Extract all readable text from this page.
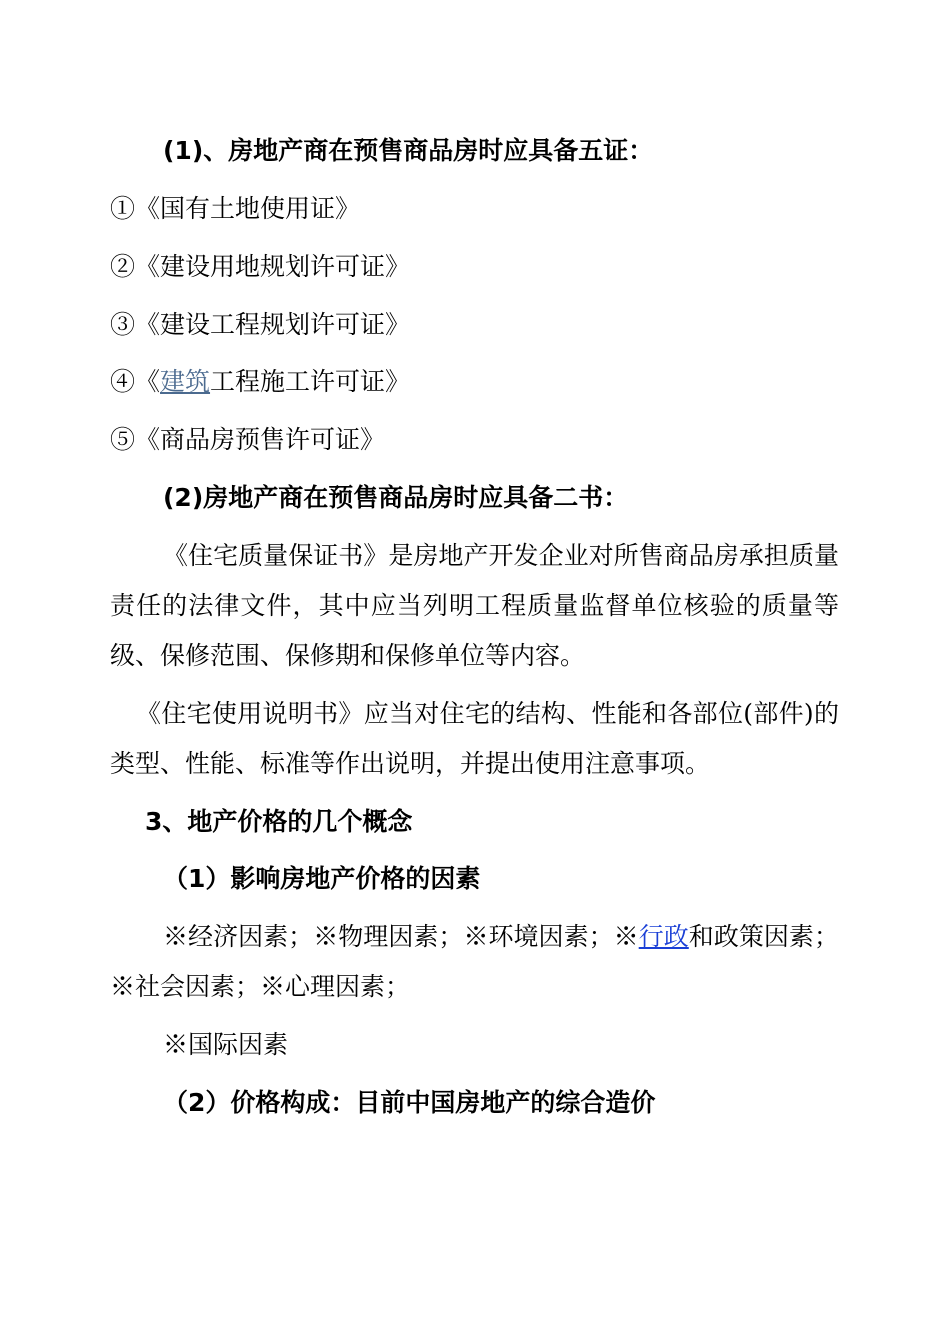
(1)、房地产商在预售商品房时应具备五证：
①《国有土地使用证》
②《建设用地规划许可证》
③《建设工程规划许可证》
④《建筑工程施工许可证》
⑤《商品房预售许可证》
(2)房地产商在预售商品房时应具备二书：
《住宅质量保证书》是房地产开发企业对所售商品房承担质量
责任的法律文件，其中应当列明工程质量监督单位核验的质量等
级、保修范围、保修期和保修单位等内容。
《住宅使用说明书》应当对住宅的结构、性能和各部位(部件)的
类型、性能、标准等作出说明，并提出使用注意事项。
3、地产价格的几个概念
（1）影响房地产价格的因素
※经济因素；※物理因素；※环境因素；※行政和政策因素；
※社会因素；※心理因素；
※国际因素
（2）价格构成：目前中国房地产的综合造价
